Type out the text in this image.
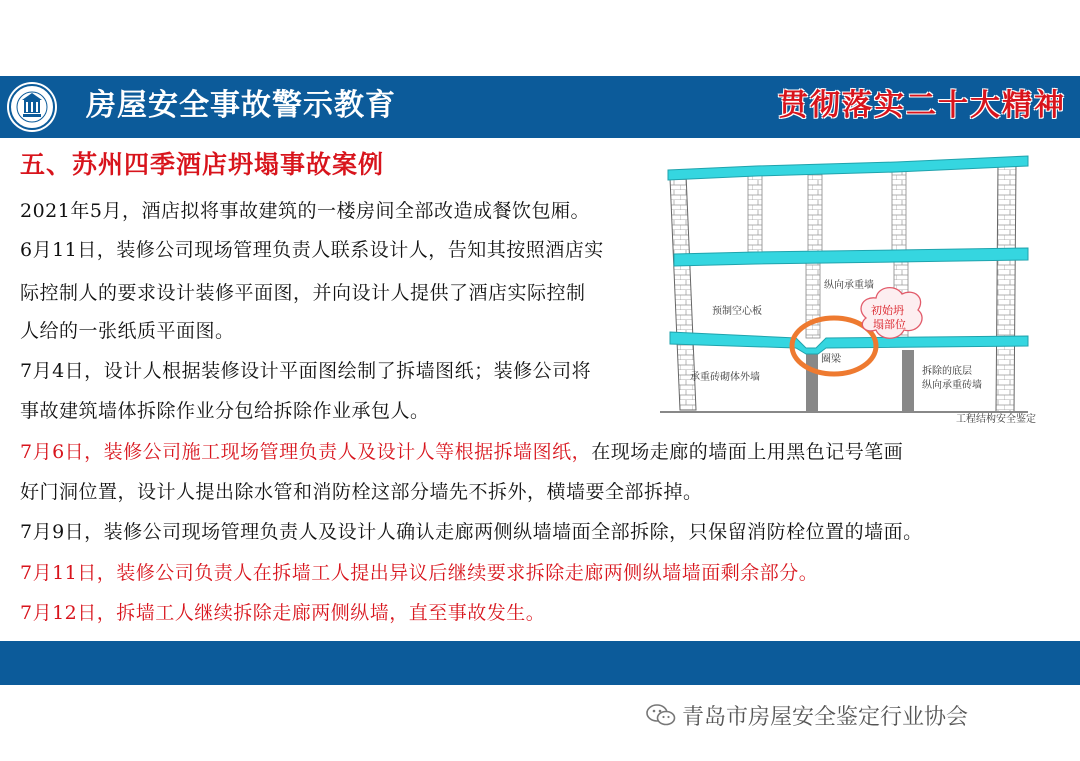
房屋安全事故警示教育	贯彻落实二十大精神
五、苏州四季酒店坍塌事故案例
2021年5月，酒店拟将事故建筑的一楼房间全部改造成餐饮包厢。
6月11日，装修公司现场管理负责人联系设计人，告知其按照酒店实
际控制人的要求设计装修平面图，并向设计人提供了酒店实际控制
人给的一张纸质平面图。
7月4日，设计人根据装修设计平面图绘制了拆墙图纸；装修公司将
事故建筑墙体拆除作业分包给拆除作业承包人。
7月6日，装修公司施工现场管理负责人及设计人等根据拆墙图纸，在现场走廊的墙面上用黑色记号笔画
好门洞位置，设计人提出除水管和消防栓这部分墙先不拆外，横墙要全部拆掉。
7月9日，装修公司现场管理负责人及设计人确认走廊两侧纵墙墙面全部拆除，只保留消防栓位置的墙面。
7月11日，装修公司负责人在拆墙工人提出异议后继续要求拆除走廊两侧纵墙墙面剩余部分。
7月12日，拆墙工人继续拆除走廊两侧纵墙，直至事故发生。
初始坍 塌部位
纵向承重墙
预制空心板
圈梁
承重砖砌体外墙
拆除的底层纵向承重砖墙
工程结构安全鉴定
青岛市房屋安全鉴定行业协会
